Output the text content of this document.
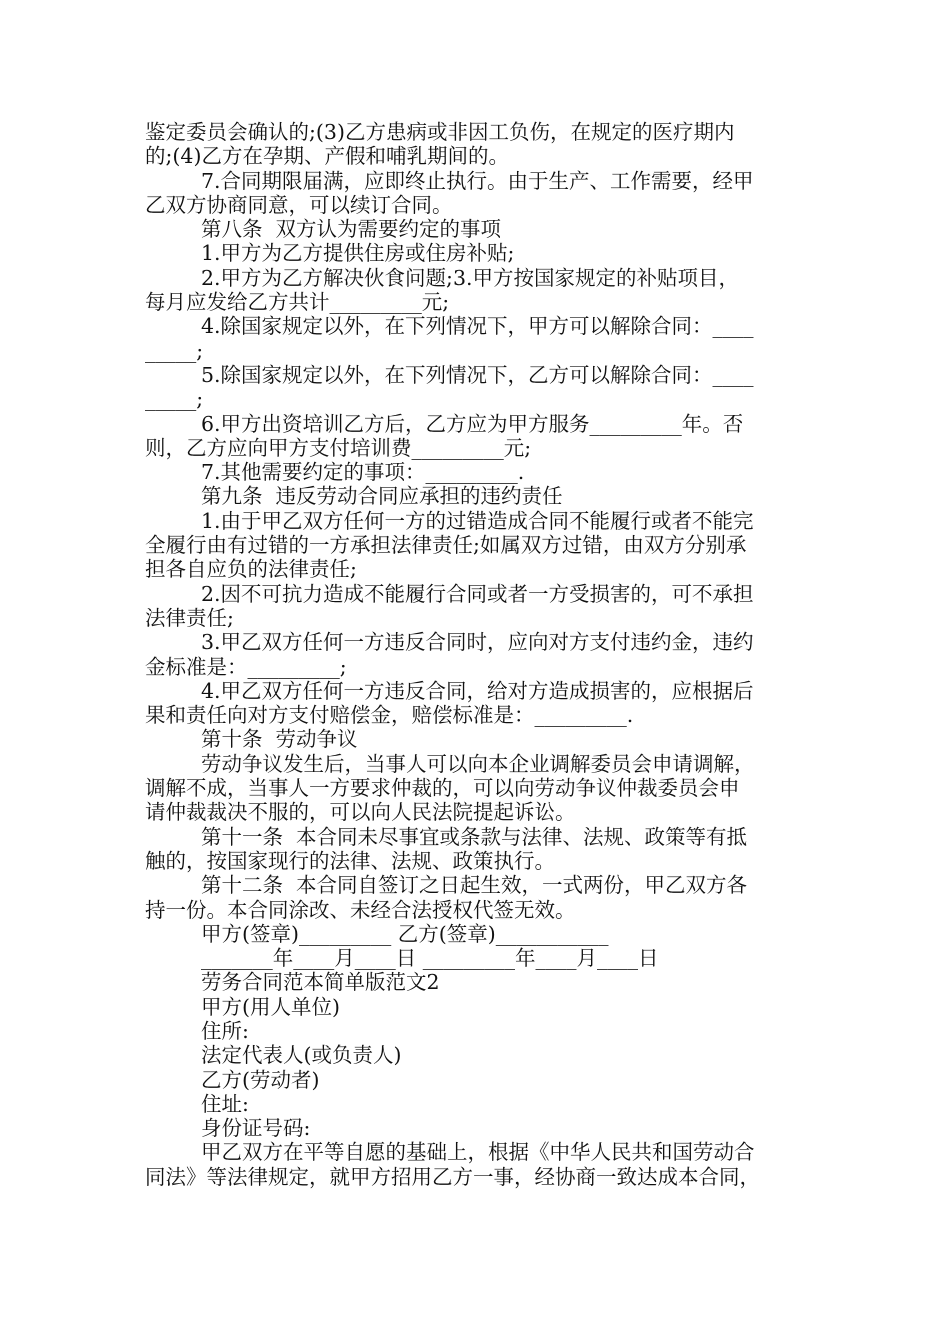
鉴定委员会确认的;(3)乙方患病或非因工负伤，在规定的医疗期内
的;(4)乙方在孕期、产假和哺乳期间的。
7.合同期限届满，应即终止执行。由于生产、工作需要，经甲
乙双方协商同意，可以续订合同。
第八条  双方认为需要约定的事项
1.甲方为乙方提供住房或住房补贴;
2.甲方为乙方解决伙食问题;3.甲方按国家规定的补贴项目，
每月应发给乙方共计_________元;
4.除国家规定以外，在下列情况下，甲方可以解除合同：____
_____;
5.除国家规定以外，在下列情况下，乙方可以解除合同：____
_____;
6.甲方出资培训乙方后，乙方应为甲方服务_________年。否
则，乙方应向甲方支付培训费_________元;
7.其他需要约定的事项：_________.
第九条  违反劳动合同应承担的违约责任
1.由于甲乙双方任何一方的过错造成合同不能履行或者不能完
全履行由有过错的一方承担法律责任;如属双方过错，由双方分别承
担各自应负的法律责任;
2.因不可抗力造成不能履行合同或者一方受损害的，可不承担
法律责任;
3.甲乙双方任何一方违反合同时，应向对方支付违约金，违约
金标准是：_________;
4.甲乙双方任何一方违反合同，给对方造成损害的，应根据后
果和责任向对方支付赔偿金，赔偿标准是：_________.
第十条  劳动争议
劳动争议发生后，当事人可以向本企业调解委员会申请调解，
调解不成，当事人一方要求仲裁的，可以向劳动争议仲裁委员会申
请仲裁裁决不服的，可以向人民法院提起诉讼。
第十一条  本合同未尽事宜或条款与法律、法规、政策等有抵
触的，按国家现行的法律、法规、政策执行。
第十二条  本合同自签订之日起生效，一式两份，甲乙双方各
持一份。本合同涂改、未经合法授权代签无效。
甲方(签章)_________ 乙方(签章)___________
_______年____月____日 _________年____月____日
劳务合同范本简单版范文2
甲方(用人单位)
住所:
法定代表人(或负责人)
乙方(劳动者)
住址:
身份证号码:
甲乙双方在平等自愿的基础上，根据《中华人民共和国劳动合
同法》等法律规定，就甲方招用乙方一事，经协商一致达成本合同，
